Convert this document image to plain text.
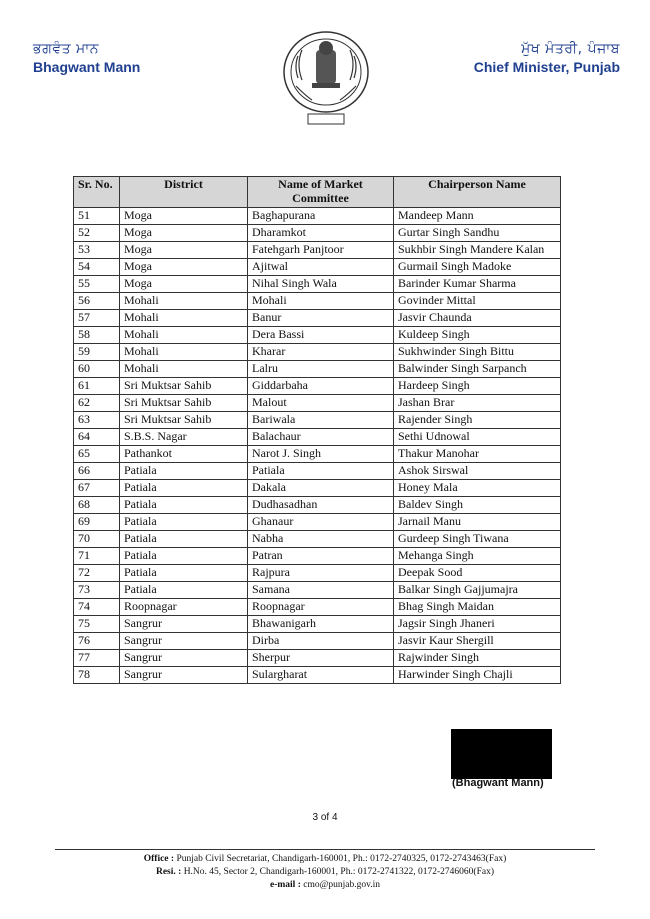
ਭਗਵੰਤ ਮਾਨ
Bhagwant Mann
ਮੁੱਖ ਮੰਤਰੀ, ਪੰਜਾਬ
Chief Minister, Punjab
Sr. No.	District	Name of Market Committee	Chairperson Name
51	Moga	Baghapurana	Mandeep Mann
52	Moga	Dharamkot	Gurtar Singh Sandhu
53	Moga	Fatehgarh Panjtoor	Sukhbir Singh Mandere Kalan
54	Moga	Ajitwal	Gurmail Singh Madoke
55	Moga	Nihal Singh Wala	Barinder Kumar Sharma
56	Mohali	Mohali	Govinder Mittal
57	Mohali	Banur	Jasvir Chaunda
58	Mohali	Dera Bassi	Kuldeep Singh
59	Mohali	Kharar	Sukhwinder Singh Bittu
60	Mohali	Lalru	Balwinder Singh Sarpanch
61	Sri Muktsar Sahib	Giddarbaha	Hardeep Singh
62	Sri Muktsar Sahib	Malout	Jashan Brar
63	Sri Muktsar Sahib	Bariwala	Rajender Singh
64	S.B.S. Nagar	Balachaur	Sethi Udnowal
65	Pathankot	Narot J. Singh	Thakur Manohar
66	Patiala	Patiala	Ashok Sirswal
67	Patiala	Dakala	Honey Mala
68	Patiala	Dudhasadhan	Baldev Singh
69	Patiala	Ghanaur	Jarnail Manu
70	Patiala	Nabha	Gurdeep Singh Tiwana
71	Patiala	Patran	Mehanga Singh
72	Patiala	Rajpura	Deepak Sood
73	Patiala	Samana	Balkar Singh Gajjumajra
74	Roopnagar	Roopnagar	Bhag Singh Maidan
75	Sangrur	Bhawanigarh	Jagsir Singh Jhaneri
76	Sangrur	Dirba	Jasvir Kaur Shergill
77	Sangrur	Sherpur	Rajwinder Singh
78	Sangrur	Sulargharat	Harwinder Singh Chajli
(Bhagwant Mann)
3 of 4
Office : Punjab Civil Secretariat, Chandigarh-160001, Ph.: 0172-2740325, 0172-2743463(Fax)
Resi. : H.No. 45, Sector 2, Chandigarh-160001, Ph.: 0172-2741322, 0172-2746060(Fax)
e-mail : cmo@punjab.gov.in
